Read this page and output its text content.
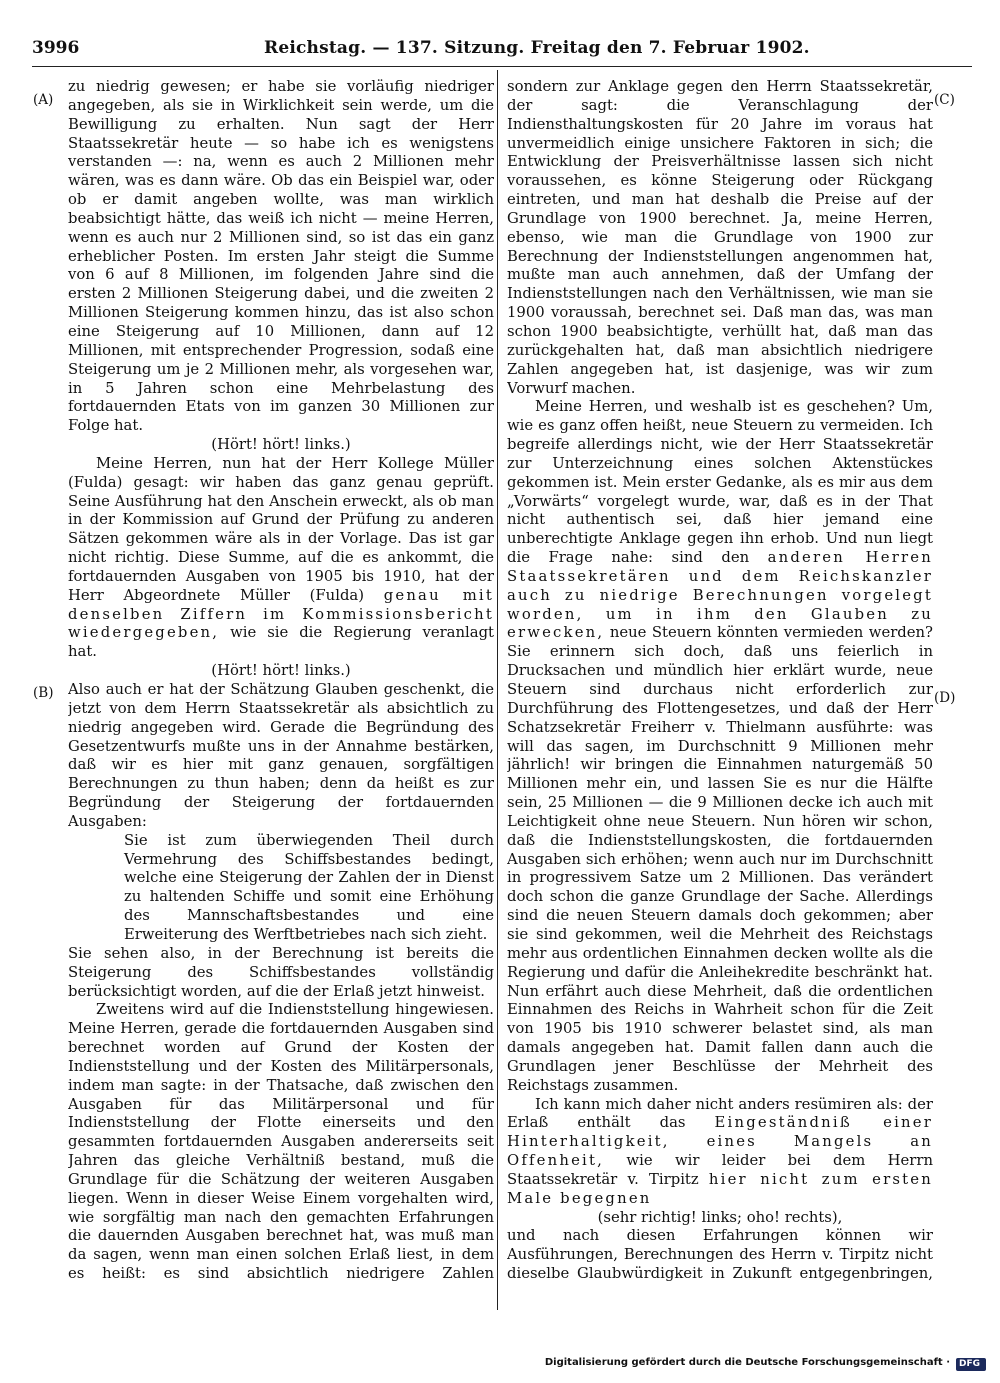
3996	Reichstag. — 137. Sitzung. Freitag den 7. Februar 1902.
(A)
(B)
(C)
(D)

zu niedrig gewesen; er habe sie vorläufig niedriger angegeben, als sie in Wirklichkeit sein werde, um die Bewilligung zu erhalten. Nun sagt der Herr Staatssekretär heute — so habe ich es wenigstens verstanden —: na, wenn es auch 2 Millionen mehr wären, was es dann wäre. Ob das ein Beispiel war, oder ob er damit angeben wollte, was man wirklich beabsichtigt hätte, das weiß ich nicht — meine Herren, wenn es auch nur 2 Millionen sind, so ist das ein ganz erheblicher Posten. Im ersten Jahr steigt die Summe von 6 auf 8 Millionen, im folgenden Jahre sind die ersten 2 Millionen Steigerung dabei, und die zweiten 2 Millionen Steigerung kommen hinzu, das ist also schon eine Steigerung auf 10 Millionen, dann auf 12 Millionen, mit entsprechender Progression, sodaß eine Steigerung um je 2 Millionen mehr, als vorgesehen war, in 5 Jahren schon eine Mehrbelastung des fortdauernden Etats von im ganzen 30 Millionen zur Folge hat.

(Hört! hört! links.)

Meine Herren, nun hat der Herr Kollege Müller (Fulda) gesagt: wir haben das ganz genau geprüft. Seine Ausführung hat den Anschein erweckt, als ob man in der Kommission auf Grund der Prüfung zu anderen Sätzen gekommen wäre als in der Vorlage. Das ist gar nicht richtig. Diese Summe, auf die es ankommt, die fortdauernden Ausgaben von 1905 bis 1910, hat der Herr Abgeordnete Müller (Fulda) genau mit denselben Ziffern im Kommissionsbericht wiedergegeben, wie sie die Regierung veranlagt hat.

(Hört! hört! links.)

Also auch er hat der Schätzung Glauben geschenkt, die jetzt von dem Herrn Staatssekretär als absichtlich zu niedrig angegeben wird. Gerade die Begründung des Gesetzentwurfs mußte uns in der Annahme bestärken, daß wir es hier mit ganz genauen, sorgfältigen Berechnungen zu thun haben; denn da heißt es zur Begründung der Steigerung der fortdauernden Ausgaben:

Sie ist zum überwiegenden Theil durch Vermehrung des Schiffsbestandes bedingt, welche eine Steigerung der Zahlen der in Dienst zu haltenden Schiffe und somit eine Erhöhung des Mannschaftsbestandes und eine Erweiterung des Werftbetriebes nach sich zieht.

Sie sehen also, in der Berechnung ist bereits die Steigerung des Schiffsbestandes vollständig berücksichtigt worden, auf die der Erlaß jetzt hinweist.

Zweitens wird auf die Indienststellung hingewiesen. Meine Herren, gerade die fortdauernden Ausgaben sind berechnet worden auf Grund der Kosten der Indienststellung und der Kosten des Militärpersonals, indem man sagte: in der Thatsache, daß zwischen den Ausgaben für das Militärpersonal und für Indienststellung der Flotte einerseits und den gesammten fortdauernden Ausgaben andererseits seit Jahren das gleiche Verhältniß bestand, muß die Grundlage für die Schätzung der weiteren Ausgaben liegen. Wenn in dieser Weise Einem vorgehalten wird, wie sorgfältig man nach den gemachten Erfahrungen die dauernden Ausgaben berechnet hat, was muß man da sagen, wenn man einen solchen Erlaß liest, in dem es heißt: es sind absichtlich niedrigere Zahlen

sondern zur Anklage gegen den Herrn Staatssekretär, der sagt: die Veranschlagung der Indiensthaltungskosten für 20 Jahre im voraus hat unvermeidlich einige unsichere Faktoren in sich; die Entwicklung der Preisverhältnisse lassen sich nicht voraussehen, es könne Steigerung oder Rückgang eintreten, und man hat deshalb die Preise auf der Grundlage von 1900 berechnet. Ja, meine Herren, ebenso, wie man die Grundlage von 1900 zur Berechnung der Indienststellungen angenommen hat, mußte man auch annehmen, daß der Umfang der Indienststellungen nach den Verhältnissen, wie man sie 1900 voraussah, berechnet sei. Daß man das, was man schon 1900 beabsichtigte, verhüllt hat, daß man das zurückgehalten hat, daß man absichtlich niedrigere Zahlen angegeben hat, ist dasjenige, was wir zum Vorwurf machen.

Meine Herren, und weshalb ist es geschehen? Um, wie es ganz offen heißt, neue Steuern zu vermeiden. Ich begreife allerdings nicht, wie der Herr Staatssekretär zur Unterzeichnung eines solchen Aktenstückes gekommen ist. Mein erster Gedanke, als es mir aus dem „Vorwärts“ vorgelegt wurde, war, daß es in der That nicht authentisch sei, daß hier jemand eine unberechtigte Anklage gegen ihn erhob. Und nun liegt die Frage nahe: sind den anderen Herren Staatssekretären und dem Reichskanzler auch zu niedrige Berechnungen vorgelegt worden, um in ihm den Glauben zu erwecken, neue Steuern könnten vermieden werden? Sie erinnern sich doch, daß uns feierlich in Drucksachen und mündlich hier erklärt wurde, neue Steuern sind durchaus nicht erforderlich zur Durchführung des Flottengesetzes, und daß der Herr Schatzsekretär Freiherr v. Thielmann ausführte: was will das sagen, im Durchschnitt 9 Millionen mehr jährlich! wir bringen die Einnahmen naturgemäß 50 Millionen mehr ein, und lassen Sie es nur die Hälfte sein, 25 Millionen — die 9 Millionen decke ich auch mit Leichtigkeit ohne neue Steuern. Nun hören wir schon, daß die Indienststellungskosten, die fortdauernden Ausgaben sich erhöhen; wenn auch nur im Durchschnitt in progressivem Satze um 2 Millionen. Das verändert doch schon die ganze Grundlage der Sache. Allerdings sind die neuen Steuern damals doch gekommen; aber sie sind gekommen, weil die Mehrheit des Reichstags mehr aus ordentlichen Einnahmen decken wollte als die Regierung und dafür die Anleihekredite beschränkt hat. Nun erfährt auch diese Mehrheit, daß die ordentlichen Einnahmen des Reichs in Wahrheit schon für die Zeit von 1905 bis 1910 schwerer belastet sind, als man damals angegeben hat. Damit fallen dann auch die Grundlagen jener Beschlüsse der Mehrheit des Reichstags zusammen.

Ich kann mich daher nicht anders resümiren als: der Erlaß enthält das Eingeständniß einer Hinterhaltigkeit, eines Mangels an Offenheit, wie wir leider bei dem Herrn Staatssekretär v. Tirpitz hier nicht zum ersten Male begegnen

(sehr richtig! links; oho! rechts),

und nach diesen Erfahrungen können wir Ausführungen, Berechnungen des Herrn v. Tirpitz nicht dieselbe Glaubwürdigkeit in Zukunft entgegenbringen,

Digitalisierung gefördert durch die Deutsche Forschungsgemeinschaft · DFG
